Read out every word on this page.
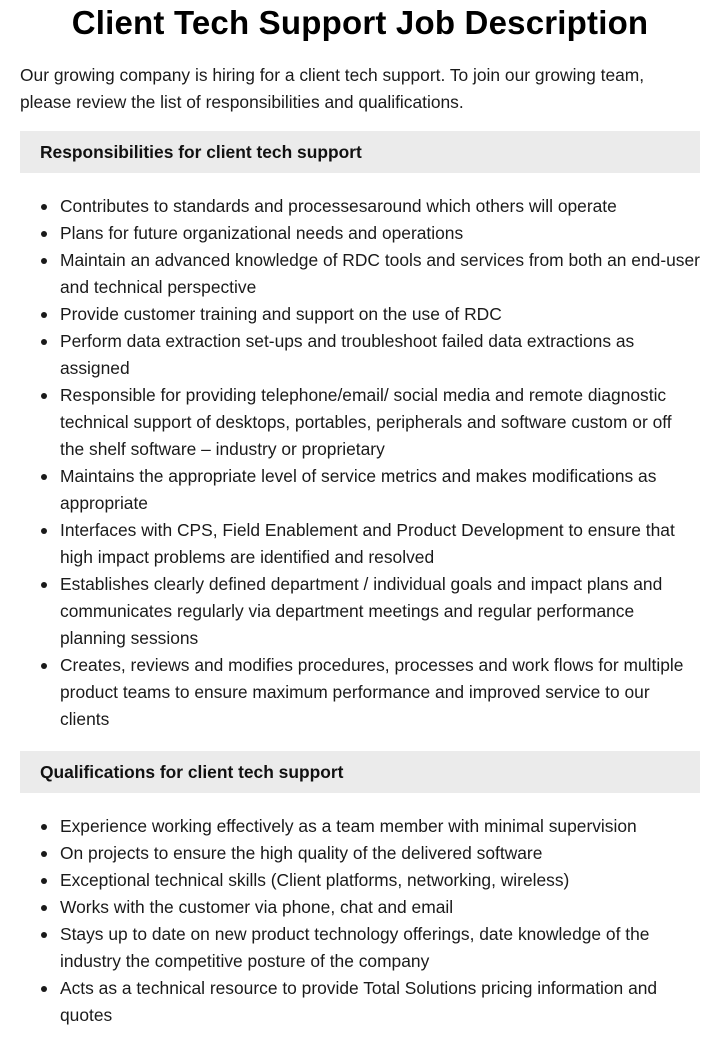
Client Tech Support Job Description

Our growing company is hiring for a client tech support. To join our growing team, please review the list of responsibilities and qualifications.

Responsibilities for client tech support
Contributes to standards and processesaround which others will operate
Plans for future organizational needs and operations
Maintain an advanced knowledge of RDC tools and services from both an end-user and technical perspective
Provide customer training and support on the use of RDC
Perform data extraction set-ups and troubleshoot failed data extractions as assigned
Responsible for providing telephone/email/ social media and remote diagnostic technical support of desktops, portables, peripherals and software custom or off the shelf software – industry or proprietary
Maintains the appropriate level of service metrics and makes modifications as appropriate
Interfaces with CPS, Field Enablement and Product Development to ensure that high impact problems are identified and resolved
Establishes clearly defined department / individual goals and impact plans and communicates regularly via department meetings and regular performance planning sessions
Creates, reviews and modifies procedures, processes and work flows for multiple product teams to ensure maximum performance and improved service to our clients
Qualifications for client tech support
Experience working effectively as a team member with minimal supervision
On projects to ensure the high quality of the delivered software
Exceptional technical skills (Client platforms, networking, wireless)
Works with the customer via phone, chat and email
Stays up to date on new product technology offerings, date knowledge of the industry the competitive posture of the company
Acts as a technical resource to provide Total Solutions pricing information and quotes
